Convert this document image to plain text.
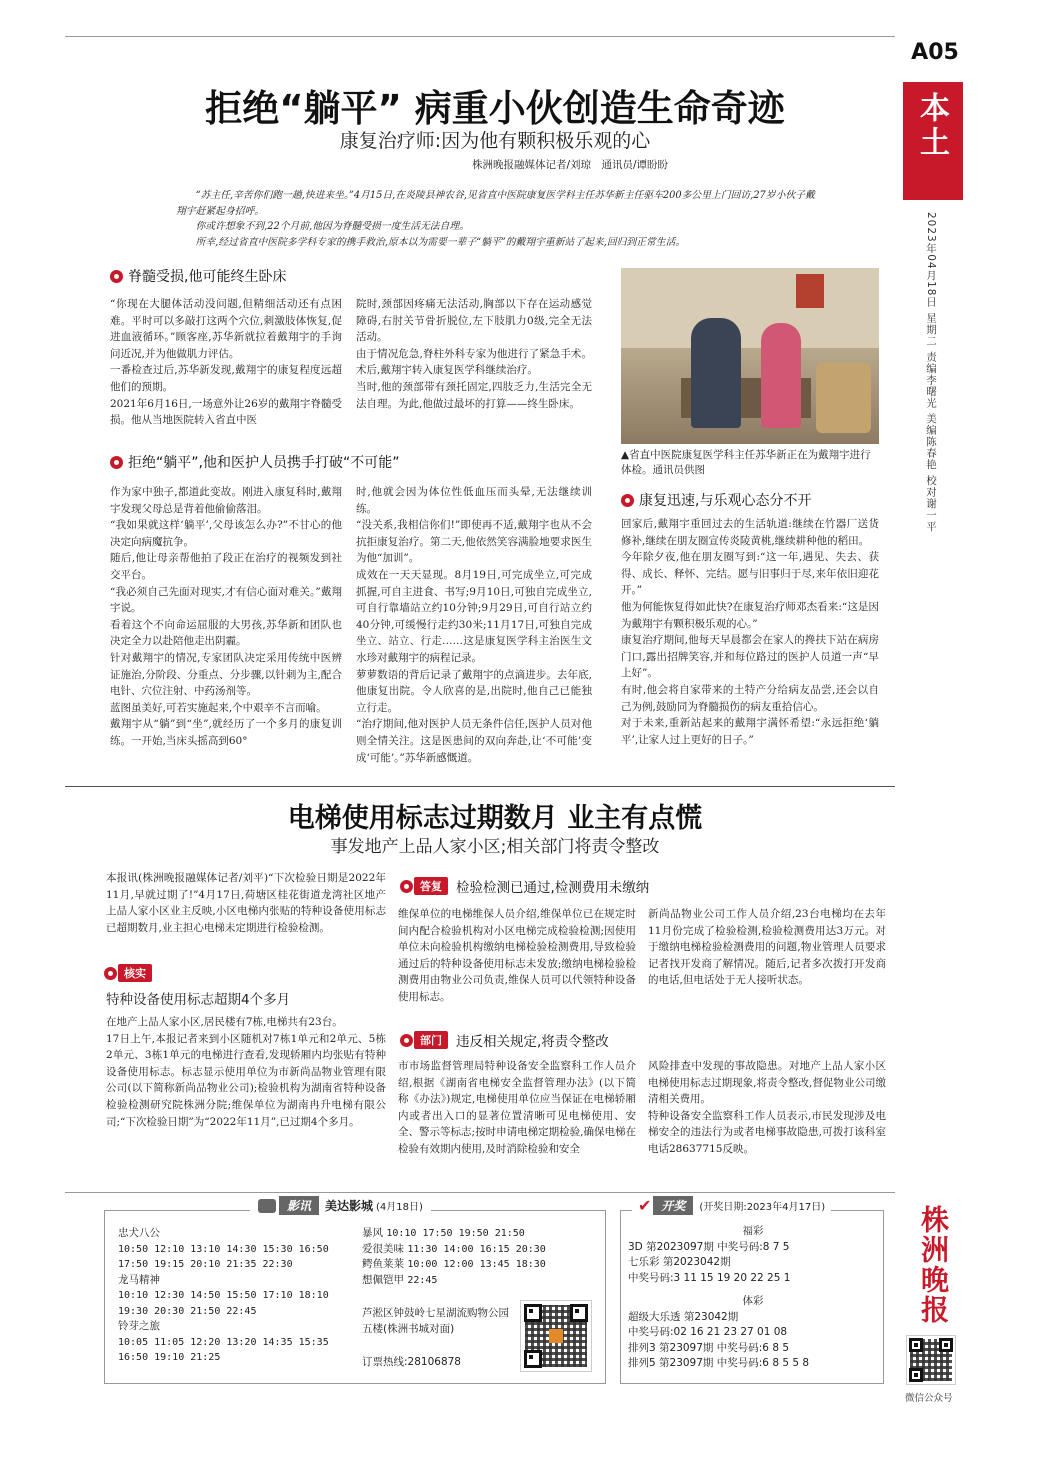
A05
本土
2023年04月18日 星期二 责编李曙光 美编陈春艳 校对谢一平
株洲晚报
微信公众号
拒绝“躺平” 病重小伙创造生命奇迹
康复治疗师:因为他有颗积极乐观的心
株洲晚报融媒体记者/刘琼　通讯员/谭盼盼

“苏主任,辛苦你们跑一趟,快进来坐。”4月15日,在炎陵县神农谷,见省直中医院康复医学科主任苏华新主任驱车200多公里上门回访,27岁小伙子戴翔宇赶紧起身招呼。

你或许想象不到,22个月前,他因为脊髓受损一度生活无法自理。

所幸,经过省直中医院多学科专家的携手救治,原本以为需要一辈子“躺平”的戴翔宇重新站了起来,回归到正常生活。

脊髓受损,他可能终生卧床
“你现在大腿体活动没问题,但精细活动还有点困难。平时可以多敲打这两个穴位,刺激肢体恢复,促进血液循环。”顾客座,苏华新就拉着戴翔宇的手询问近况,并为他做肌力评估。
一番检查过后,苏华新发现,戴翔宇的康复程度远超他们的预期。
2021年6月16日,一场意外让26岁的戴翔宇脊髓受损。他从当地医院转入省直中医
院时,颈部因疼痛无法活动,胸部以下存在运动感觉障碍,右肘关节骨折脱位,左下肢肌力0级,完全无法活动。
由于情况危急,脊柱外科专家为他进行了紧急手术。术后,戴翔宇转入康复医学科继续治疗。
当时,他的颈部带有颈托固定,四肢乏力,生活完全无法自理。为此,他做过最坏的打算——终生卧床。
▲省直中医院康复医学科主任苏华新正在为戴翔宇进行体检。通讯员供图
拒绝“躺平”,他和医护人员携手打破“不可能”
作为家中独子,都道此变故。刚进入康复科时,戴翔宇发现父母总是背着他偷偷落泪。
“我如果就这样‘躺平’,父母该怎么办?”不甘心的他决定向病魔抗争。
随后,他让母亲帮他拍了段正在治疗的视频发到社交平台。
“我必须自己先面对现实,才有信心面对难关。”戴翔宇说。
看着这个不向命运屈服的大男孩,苏华新和团队也决定全力以赴陪他走出阴霾。
针对戴翔宇的情况,专家团队决定采用传统中医辨证施治,分阶段、分重点、分步骤,以针刺为主,配合电针、穴位注射、中药汤剂等。
蓝图虽美好,可若实施起来,个中艰辛不言而喻。
戴翔宇从“躺”到“坐”,就经历了一个多月的康复训练。一开始,当床头摇高到60°
时,他就会因为体位性低血压而头晕,无法继续训练。
“没关系,我相信你们!”即使再不适,戴翔宇也从不会抗拒康复治疗。第二天,他依然笑容满脸地要求医生为他“加训”。
成效在一天天显现。8月19日,可完成坐立,可完成抓握,可自主进食、书写;9月10日,可独自完成坐立,可自行靠墙站立约10分钟;9月29日,可自行站立约40分钟,可缓慢行走约30米;11月17日,可独自完成坐立、站立、行走……这是康复医学科主治医生文水珍对戴翔宇的病程记录。
萝萝数语的背后记录了戴翔宇的点滴进步。去年底,他康复出院。令人欣喜的是,出院时,他自己已能独立行走。
“治疗期间,他对医护人员无条件信任,医护人员对他则全情关注。这是医患间的双向奔赴,让‘不可能’变成‘可能’。”苏华新感慨道。
康复迅速,与乐观心态分不开
回家后,戴翔宇重回过去的生活轨道:继续在竹器厂送货修补,继续在朋友圈宣传炎陵黄桃,继续耕种他的稻田。
今年除夕夜,他在朋友圈写到:“这一年,遇见、失去、获得、成长、释怀、完结。愿与旧事归于尽,来年依旧迎花开。”
他为何能恢复得如此快?在康复治疗师邓杰看来:“这是因为戴翔宇有颗积极乐观的心。”
康复治疗期间,他每天早晨都会在家人的搀扶下站在病房门口,露出招牌笑容,并和每位路过的医护人员道一声“早上好”。
有时,他会将自家带来的土特产分给病友品尝,还会以自己为例,鼓励同为脊髓损伤的病友重拾信心。
对于未来,重新站起来的戴翔宇满怀希望:“永远拒绝‘躺平’,让家人过上更好的日子。”
电梯使用标志过期数月 业主有点慌
事发地产上品人家小区;相关部门将责令整改
本报讯(株洲晚报融媒体记者/刘平)“下次检验日期是2022年11月,早就过期了!”4月17日,荷塘区桂花街道龙湾社区地产上品人家小区业主反映,小区电梯内张贴的特种设备使用标志已超期数月,业主担心电梯未定期进行检验检测。
核实
特种设备使用标志超期4个多月
在地产上品人家小区,居民楼有7栋,电梯共有23台。
17日上午,本报记者来到小区随机对7栋1单元和2单元、5栋2单元、3栋1单元的电梯进行查看,发现轿厢内均张贴有特种设备使用标志。标志显示使用单位为市新尚品物业管理有限公司(以下简称新尚品物业公司);检验机构为湖南省特种设备检验检测研究院株洲分院;维保单位为湖南冉升电梯有限公司;“下次检验日期”为“2022年11月”,已过期4个多月。
答复	检验检测已通过,检测费用未缴纳
维保单位的电梯维保人员介绍,维保单位已在规定时间内配合检验机构对小区电梯完成检验检测;因使用单位未向检验机构缴纳电梯检验检测费用,导致检验通过后的特种设备使用标志未发放;缴纳电梯检验检测费用由物业公司负责,维保人员可以代领特种设备使用标志。
新尚品物业公司工作人员介绍,23台电梯均在去年11月份完成了检验检测,检验检测费用达3万元。对于缴纳电梯检验检测费用的问题,物业管理人员要求记者找开发商了解情况。随后,记者多次拨打开发商的电话,但电话处于无人接听状态。
部门	违反相关规定,将责令整改
市市场监督管理局特种设备安全监察科工作人员介绍,根据《湖南省电梯安全监督管理办法》(以下简称《办法》)规定,电梯使用单位应当保证在电梯轿厢内或者出入口的显著位置清晰可见电梯使用、安全、警示等标志;按时申请电梯定期检验,确保电梯在检验有效期内使用,及时消除检验和安全
风险排查中发现的事故隐患。对地产上品人家小区电梯使用标志过期现象,将责令整改,督促物业公司缴清相关费用。
特种设备安全监察科工作人员表示,市民发现涉及电梯安全的违法行为或者电梯事故隐患,可拨打该科室电话28637715反映。
影讯	美达影城 (4月18日)
忠犬八公
10:50 12:10 13:10 14:30 15:30 16:50
17:50 19:15 20:10 21:35 22:30
龙马精神
10:10 12:30 14:50 15:50 17:10 18:10
19:30 20:30 21:50 22:45
铃芽之旅
10:05 11:05 12:20 13:20 14:35 15:35
16:50 19:10 21:25
暴风 10:10 17:50 19:50 21:50
爱很美味 11:30 14:00 16:15 20:30
鳄鱼莱莱 10:00 12:00 13:45 18:30
想佩铠甲 22:45
芦淞区钟鼓岭七星湖流购物公园五楼(株洲书城对面)
订票热线:28106878
✔ 开奖	(开奖日期:2023年4月17日)
福彩
3D 第2023097期 中奖号码:8 7 5
七乐彩 第2023042期
中奖号码:3 11 15 19 20 22 25 1
体彩
超级大乐透 第23042期
中奖号码:02 16 21 23 27 01 08
排列3 第23097期 中奖号码:6 8 5
排列5 第23097期 中奖号码:6 8 5 5 8
